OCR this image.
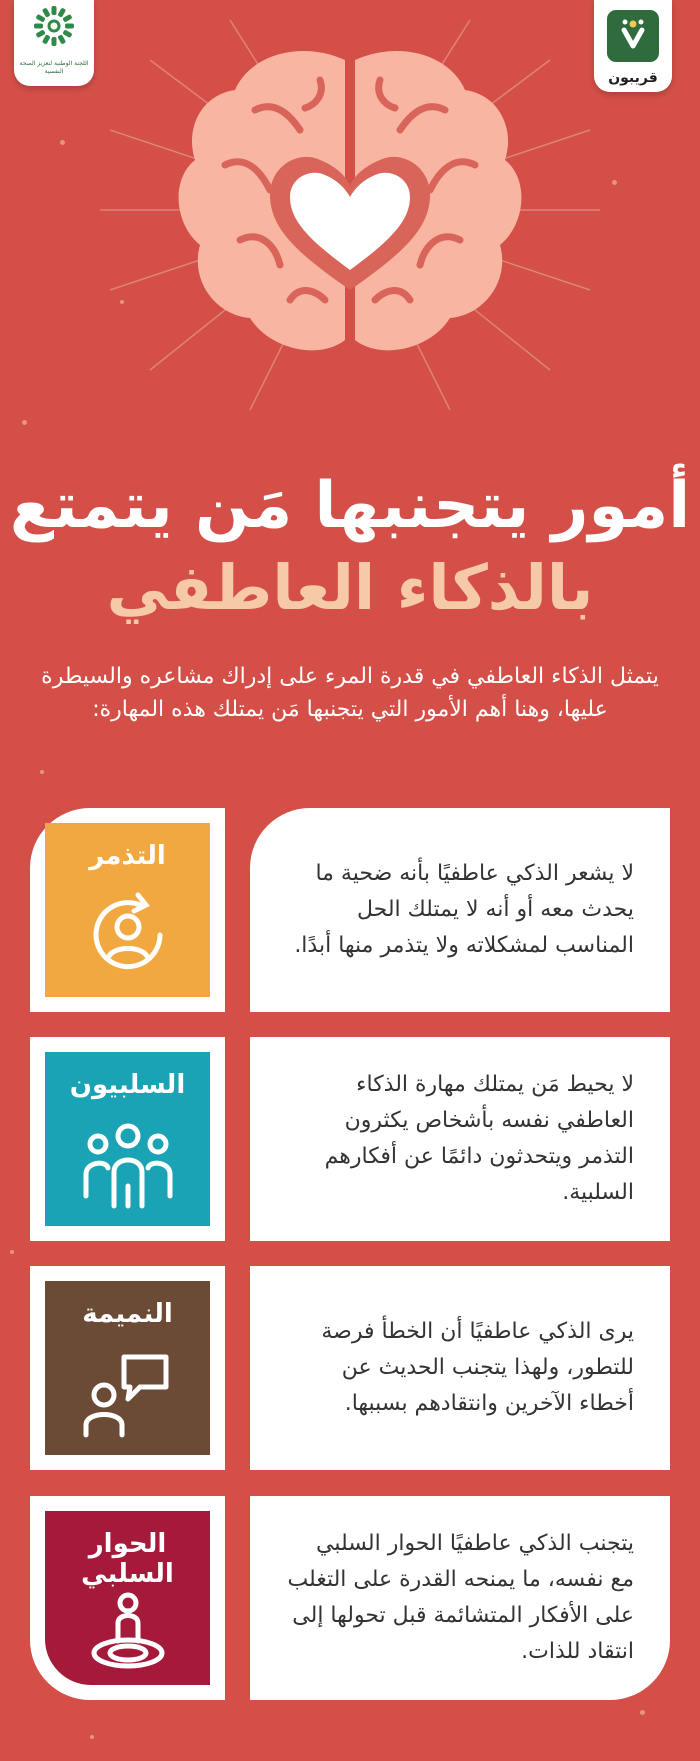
قريبون
اللجنة الوطنية لتعزيز الصحة النفسية
أمور يتجنبها مَن يتمتع
بالذكاء العاطفي
يتمثل الذكاء العاطفي في قدرة المرء على إدراك مشاعره والسيطرة عليها، وهنا أهم الأمور التي يتجنبها مَن يمتلك هذه المهارة:

لا يشعر الذكي عاطفيًا بأنه ضحية ما يحدث معه أو أنه لا يمتلك الحل المناسب لمشكلاته ولا يتذمر منها أبدًا.

التذمر

لا يحيط مَن يمتلك مهارة الذكاء العاطفي نفسه بأشخاص يكثرون التذمر ويتحدثون دائمًا عن أفكارهم السلبية.

السلبيون

يرى الذكي عاطفيًا أن الخطأ فرصة للتطور، ولهذا يتجنب الحديث عن أخطاء الآخرين وانتقادهم بسببها.

النميمة

يتجنب الذكي عاطفيًا الحوار السلبي مع نفسه، ما يمنحه القدرة على التغلب على الأفكار المتشائمة قبل تحولها إلى انتقاد للذات.

الحوار السلبي
